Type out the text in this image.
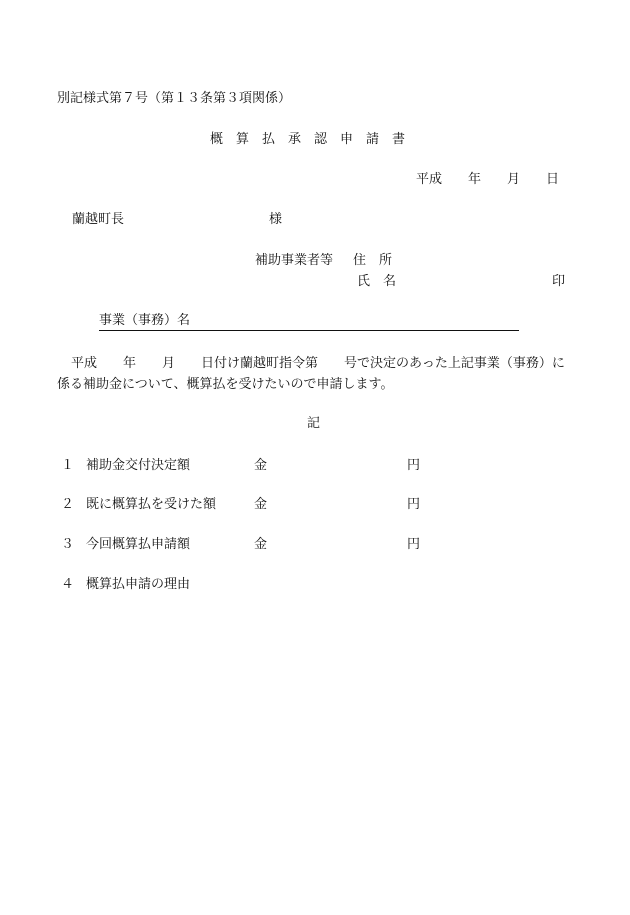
別記様式第７号（第１３条第３項関係）
概　算　払　承　認　申　請　書
平成　　年　　月　　日
蘭越町長	様
補助事業者等 住　所
氏　名	印
事業（事務）名
平成　　年　　月　　日付け蘭越町指令第　　号で決定のあった上記事業（事務）に係る補助金について、概算払を受けたいので申請します。
記
１ 補助金交付決定額	金	円
２ 既に概算払を受けた額	金	円
３ 今回概算払申請額	金	円
４ 概算払申請の理由
